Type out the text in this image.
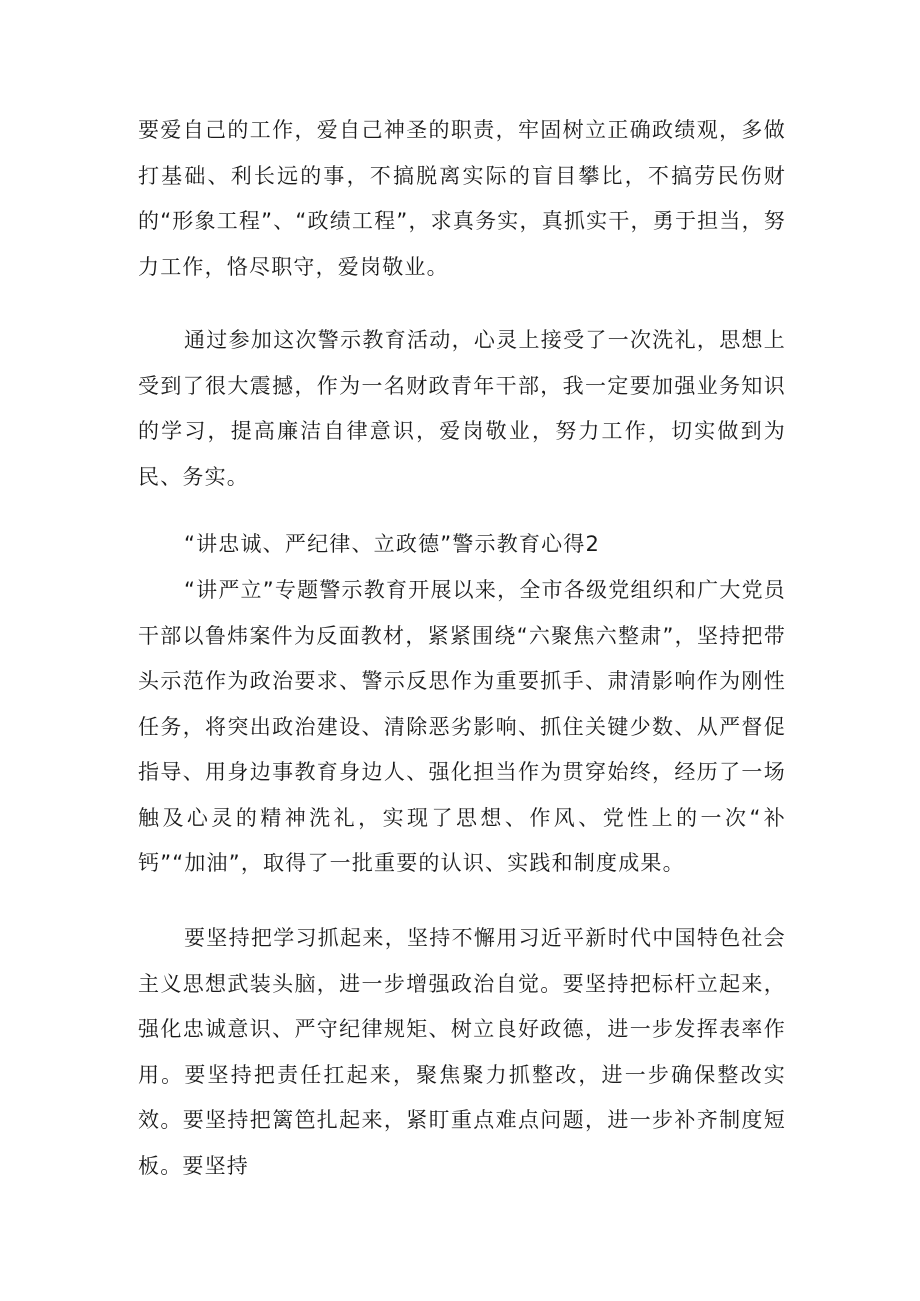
要爱自己的工作，爱自己神圣的职责，牢固树立正确政绩观，多做打基础、利长远的事，不搞脱离实际的盲目攀比，不搞劳民伤财的“形象工程”、“政绩工程”，求真务实，真抓实干，勇于担当，努力工作，恪尽职守，爱岗敬业。

通过参加这次警示教育活动，心灵上接受了一次洗礼，思想上受到了很大震撼，作为一名财政青年干部，我一定要加强业务知识的学习，提高廉洁自律意识，爱岗敬业，努力工作，切实做到为民、务实。

“讲忠诚、严纪律、立政德”警示教育心得2

“讲严立”专题警示教育开展以来，全市各级党组织和广大党员干部以鲁炜案件为反面教材，紧紧围绕“六聚焦六整肃”，坚持把带头示范作为政治要求、警示反思作为重要抓手、肃清影响作为刚性任务，将突出政治建设、清除恶劣影响、抓住关键少数、从严督促指导、用身边事教育身边人、强化担当作为贯穿始终，经历了一场触及心灵的精神洗礼，实现了思想、作风、党性上的一次“补钙”“加油”，取得了一批重要的认识、实践和制度成果。

要坚持把学习抓起来，坚持不懈用习近平新时代中国特色社会主义思想武装头脑，进一步增强政治自觉。要坚持把标杆立起来，强化忠诚意识、严守纪律规矩、树立良好政德，进一步发挥表率作用。要坚持把责任扛起来，聚焦聚力抓整改，进一步确保整改实效。要坚持把篱笆扎起来，紧盯重点难点问题，进一步补齐制度短板。要坚持
